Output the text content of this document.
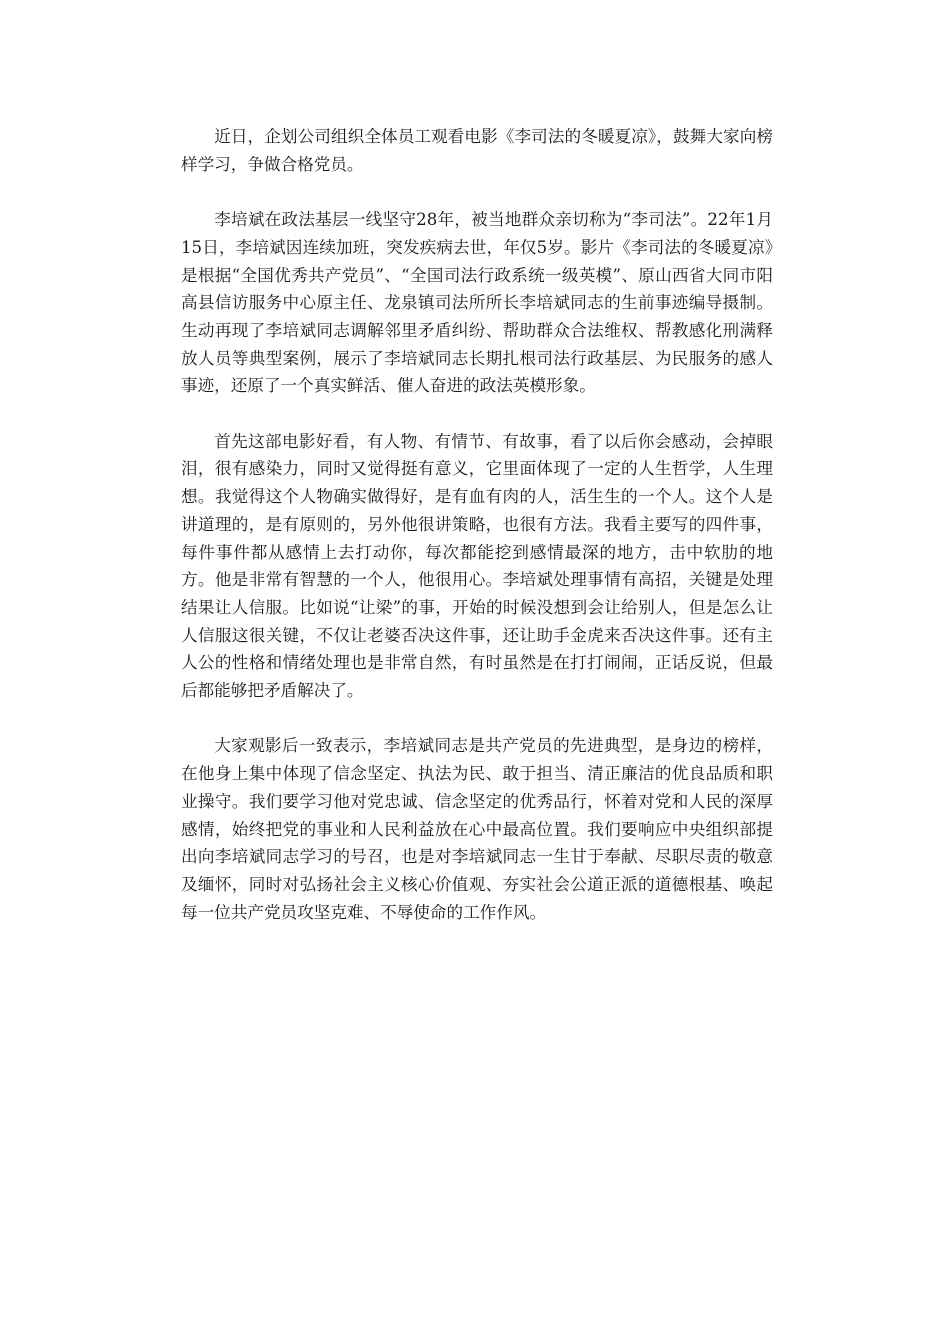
近日，企划公司组织全体员工观看电影《李司法的冬暖夏凉》，鼓舞大家向榜样学习，争做合格党员。

李培斌在政法基层一线坚守28年，被当地群众亲切称为“李司法”。22年1月15日，李培斌因连续加班，突发疾病去世，年仅5岁。影片《李司法的冬暖夏凉》是根据“全国优秀共产党员”、“全国司法行政系统一级英模”、原山西省大同市阳高县信访服务中心原主任、龙泉镇司法所所长李培斌同志的生前事迹编导摄制。生动再现了李培斌同志调解邻里矛盾纠纷、帮助群众合法维权、帮教感化刑满释放人员等典型案例，展示了李培斌同志长期扎根司法行政基层、为民服务的感人事迹，还原了一个真实鲜活、催人奋进的政法英模形象。

首先这部电影好看，有人物、有情节、有故事，看了以后你会感动，会掉眼泪，很有感染力，同时又觉得挺有意义，它里面体现了一定的人生哲学，人生理想。我觉得这个人物确实做得好，是有血有肉的人，活生生的一个人。这个人是讲道理的，是有原则的，另外他很讲策略，也很有方法。我看主要写的四件事，每件事件都从感情上去打动你，每次都能挖到感情最深的地方，击中软肋的地方。他是非常有智慧的一个人，他很用心。李培斌处理事情有高招，关键是处理结果让人信服。比如说“让梁”的事，开始的时候没想到会让给别人，但是怎么让人信服这很关键，不仅让老婆否决这件事，还让助手金虎来否决这件事。还有主人公的性格和情绪处理也是非常自然，有时虽然是在打打闹闹，正话反说，但最后都能够把矛盾解决了。

大家观影后一致表示，李培斌同志是共产党员的先进典型，是身边的榜样，在他身上集中体现了信念坚定、执法为民、敢于担当、清正廉洁的优良品质和职业操守。我们要学习他对党忠诚、信念坚定的优秀品行，怀着对党和人民的深厚感情，始终把党的事业和人民利益放在心中最高位置。我们要响应中央组织部提出向李培斌同志学习的号召，也是对李培斌同志一生甘于奉献、尽职尽责的敬意及缅怀，同时对弘扬社会主义核心价值观、夯实社会公道正派的道德根基、唤起每一位共产党员攻坚克难、不辱使命的工作作风。
